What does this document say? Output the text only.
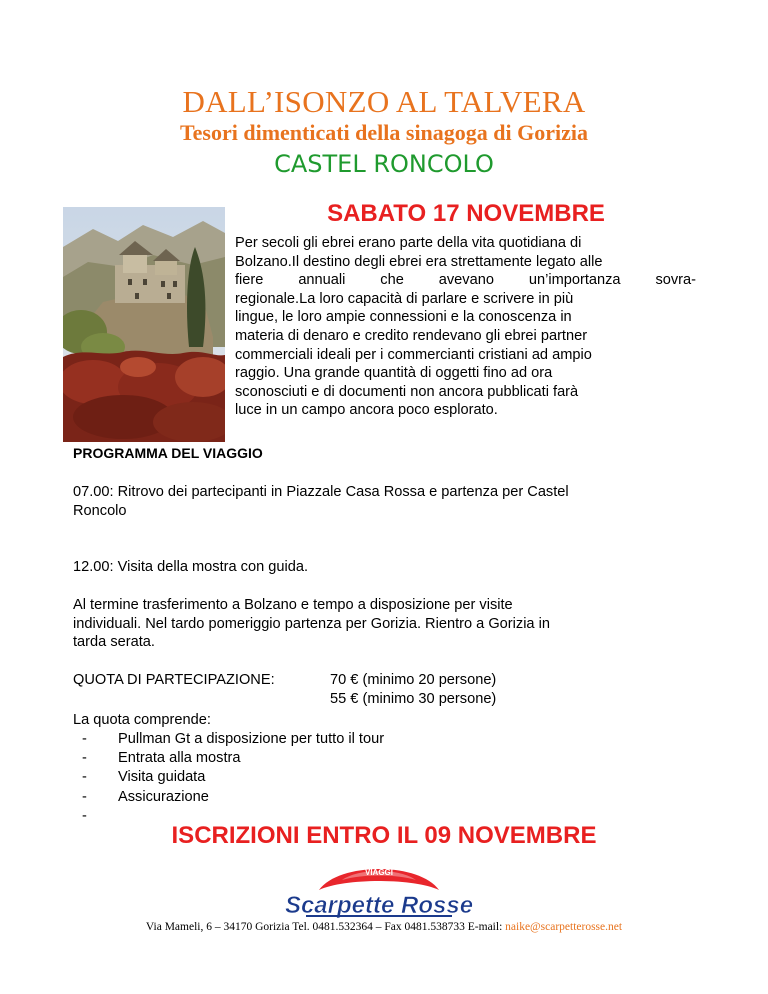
DALL’ISONZO AL TALVERA
Tesori dimenticati della sinagoga di Gorizia
CASTEL RONCOLO
SABATO 17 NOVEMBRE
Per secoli gli ebrei erano parte della vita quotidiana di
Bolzano.Il destino degli ebrei era strettamente legato alle
fiere annuali che avevano un’importanza sovra-
regionale.La loro capacità di parlare e scrivere in più
lingue, le loro ampie connessioni e la conoscenza in
materia di denaro e credito rendevano gli ebrei partner
commerciali ideali per i commercianti cristiani ad ampio
raggio. Una grande quantità di oggetti fino ad ora
sconosciuti e di documenti non ancora pubblicati farà
luce in un campo ancora poco esplorato.
PROGRAMMA DEL VIAGGIO
07.00: Ritrovo dei partecipanti in Piazzale Casa Rossa e partenza per Castel
Roncolo
12.00: Visita della mostra con guida.
Al termine trasferimento a Bolzano e tempo a disposizione per visite
individuali. Nel tardo pomeriggio partenza per Gorizia. Rientro a Gorizia in
tarda serata.
QUOTA DI PARTECIPAZIONE:	70 € (minimo 20 persone)
55 € (minimo 30 persone)
La quota comprende:
- Pullman Gt a disposizione per tutto il tour
- Entrata alla mostra
- Visita guidata
- Assicurazione
-
ISCRIZIONI ENTRO IL 09 NOVEMBRE
VIAGGI
Scarpette Rosse
Via Mameli, 6 – 34170 Gorizia Tel. 0481.532364 – Fax 0481.538733 E-mail: naike@scarpetterosse.net
